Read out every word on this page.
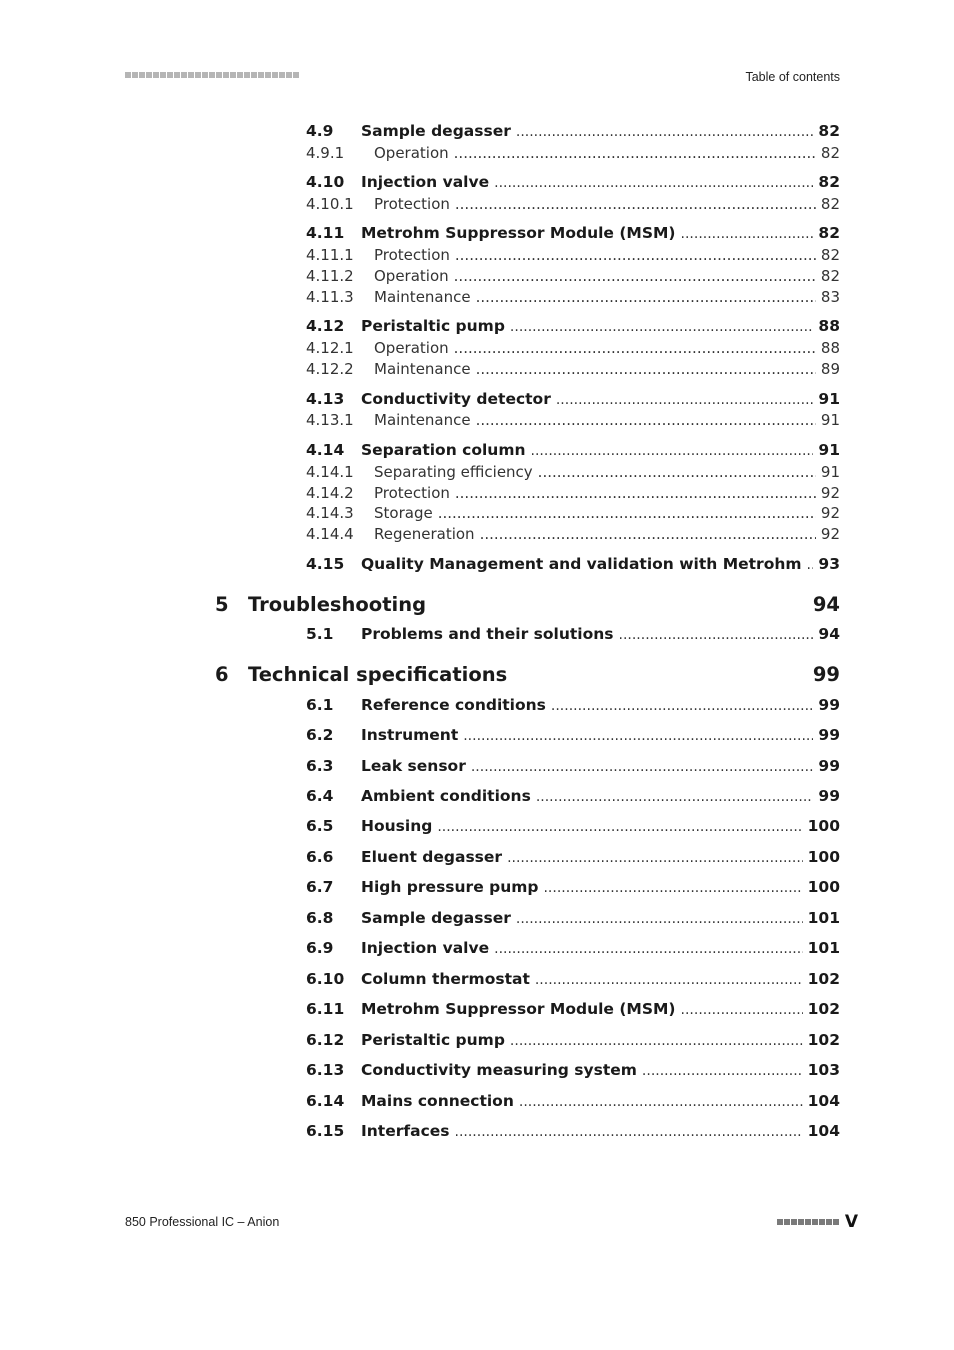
Table of contents
4.9	Sample degasser .....	82
4.9.1	Operation .....	82
4.10	Injection valve .....	82
4.10.1	Protection .....	82
4.11	Metrohm Suppressor Module (MSM) .....	82
4.11.1	Protection .....	82
4.11.2	Operation .....	82
4.11.3	Maintenance .....	83
4.12	Peristaltic pump .....	88
4.12.1	Operation .....	88
4.12.2	Maintenance .....	89
4.13	Conductivity detector .....	91
4.13.1	Maintenance .....	91
4.14	Separation column .....	91
4.14.1	Separating efficiency .....	91
4.14.2	Protection .....	92
4.14.3	Storage .....	92
4.14.4	Regeneration .....	92
4.15	Quality Management and validation with Metrohm ..... 93
5 Troubleshooting	94
5.1	Problems and their solutions .....	94
6 Technical specifications	99
6.1	Reference conditions .....	99
6.2	Instrument .....	99
6.3	Leak sensor .....	99
6.4	Ambient conditions .....	99
6.5	Housing .....	100
6.6	Eluent degasser .....	100
6.7	High pressure pump .....	100
6.8	Sample degasser .....	101
6.9	Injection valve .....	101
6.10	Column thermostat .....	102
6.11	Metrohm Suppressor Module (MSM) .....	102
6.12	Peristaltic pump .....	102
6.13	Conductivity measuring system .....	103
6.14	Mains connection .....	104
6.15	Interfaces .....	104
850 Professional IC – Anion	V
